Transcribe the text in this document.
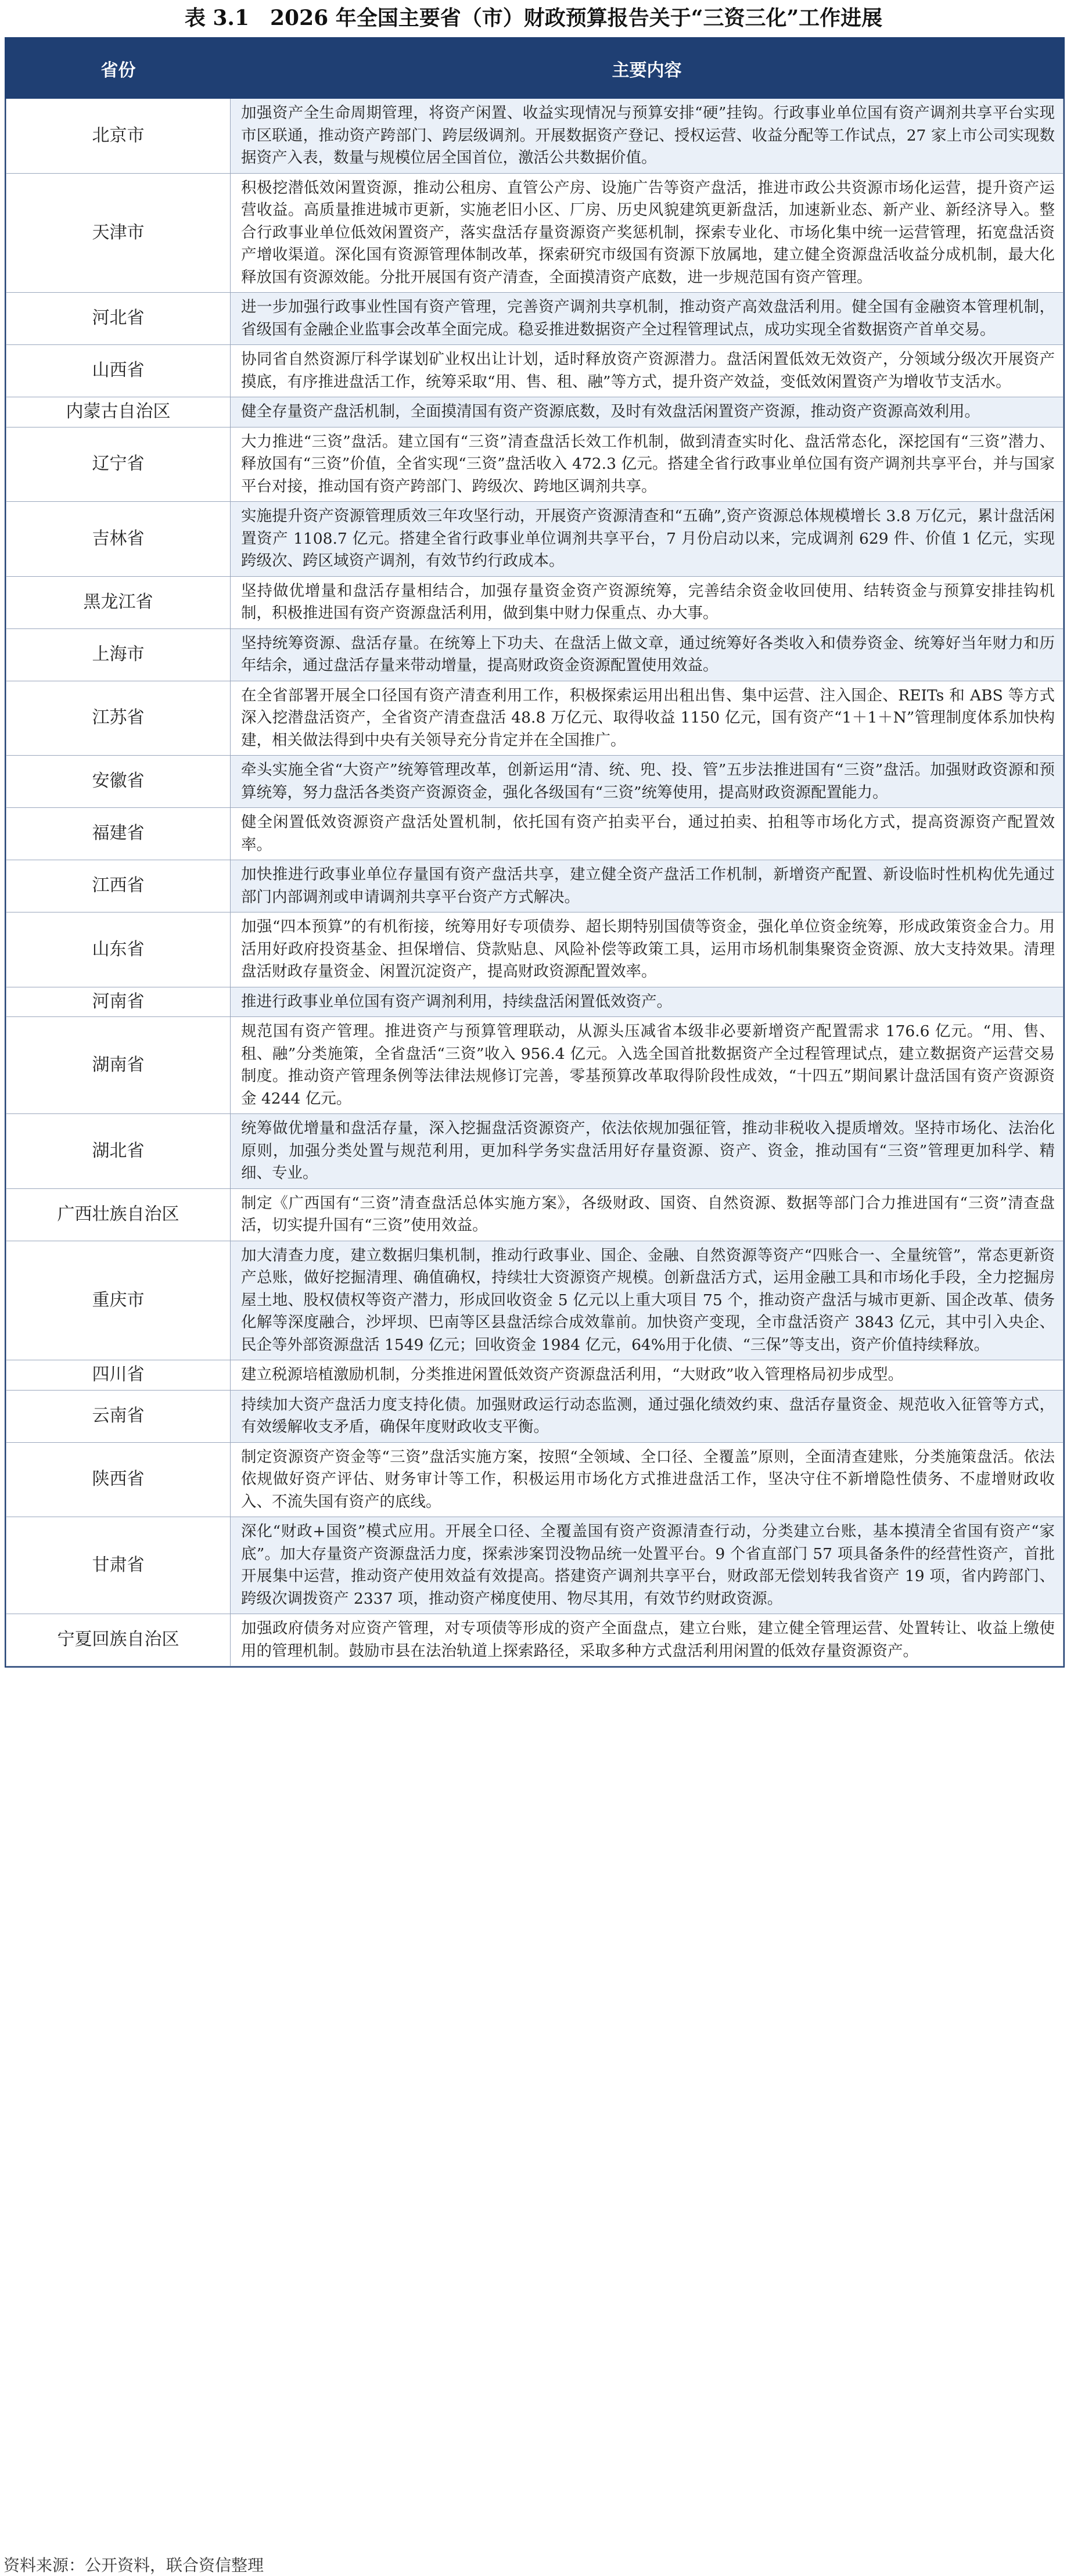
表 3.1　2026 年全国主要省（市）财政预算报告关于“三资三化”工作进展
省份	主要内容
北京市	加强资产全生命周期管理，将资产闲置、收益实现情况与预算安排“硬”挂钩。行政事业单位国有资产调剂共享平台实现市区联通，推动资产跨部门、跨层级调剂。开展数据资产登记、授权运营、收益分配等工作试点，27 家上市公司实现数据资产入表，数量与规模位居全国首位，激活公共数据价值。
天津市	积极挖潜低效闲置资源，推动公租房、直管公产房、设施广告等资产盘活，推进市政公共资源市场化运营，提升资产运营收益。高质量推进城市更新，实施老旧小区、厂房、历史风貌建筑更新盘活，加速新业态、新产业、新经济导入。整合行政事业单位低效闲置资产，落实盘活存量资源资产奖惩机制，探索专业化、市场化集中统一运营管理，拓宽盘活资产增收渠道。深化国有资源管理体制改革，探索研究市级国有资源下放属地，建立健全资源盘活收益分成机制，最大化释放国有资源效能。分批开展国有资产清查，全面摸清资产底数，进一步规范国有资产管理。
河北省	进一步加强行政事业性国有资产管理，完善资产调剂共享机制，推动资产高效盘活利用。健全国有金融资本管理机制，省级国有金融企业监事会改革全面完成。稳妥推进数据资产全过程管理试点，成功实现全省数据资产首单交易。
山西省	协同省自然资源厅科学谋划矿业权出让计划，适时释放资产资源潜力。盘活闲置低效无效资产，分领域分级次开展资产摸底，有序推进盘活工作，统筹采取“用、售、租、融”等方式，提升资产效益，变低效闲置资产为增收节支活水。
内蒙古自治区	健全存量资产盘活机制，全面摸清国有资产资源底数，及时有效盘活闲置资产资源，推动资产资源高效利用。
辽宁省	大力推进“三资”盘活。建立国有“三资”清查盘活长效工作机制，做到清查实时化、盘活常态化，深挖国有“三资”潜力、释放国有“三资”价值，全省实现“三资”盘活收入 472.3 亿元。搭建全省行政事业单位国有资产调剂共享平台，并与国家平台对接，推动国有资产跨部门、跨级次、跨地区调剂共享。
吉林省	实施提升资产资源管理质效三年攻坚行动，开展资产资源清查和“五确”,资产资源总体规模增长 3.8 万亿元，累计盘活闲置资产 1108.7 亿元。搭建全省行政事业单位调剂共享平台，7 月份启动以来，完成调剂 629 件、价值 1 亿元，实现跨级次、跨区域资产调剂，有效节约行政成本。
黑龙江省	坚持做优增量和盘活存量相结合，加强存量资金资产资源统筹，完善结余资金收回使用、结转资金与预算安排挂钩机制，积极推进国有资产资源盘活利用，做到集中财力保重点、办大事。
上海市	坚持统筹资源、盘活存量。在统筹上下功夫、在盘活上做文章，通过统筹好各类收入和债券资金、统筹好当年财力和历年结余，通过盘活存量来带动增量，提高财政资金资源配置使用效益。
江苏省	在全省部署开展全口径国有资产清查利用工作，积极探索运用出租出售、集中运营、注入国企、REITs 和 ABS 等方式深入挖潜盘活资产，全省资产清查盘活 48.8 万亿元、取得收益 1150 亿元，国有资产“1＋1＋N”管理制度体系加快构建，相关做法得到中央有关领导充分肯定并在全国推广。
安徽省	牵头实施全省“大资产”统筹管理改革，创新运用“清、统、兜、投、管”五步法推进国有“三资”盘活。加强财政资源和预算统筹，努力盘活各类资产资源资金，强化各级国有“三资”统筹使用，提高财政资源配置能力。
福建省	健全闲置低效资源资产盘活处置机制，依托国有资产拍卖平台，通过拍卖、拍租等市场化方式，提高资源资产配置效率。
江西省	加快推进行政事业单位存量国有资产盘活共享，建立健全资产盘活工作机制，新增资产配置、新设临时性机构优先通过部门内部调剂或申请调剂共享平台资产方式解决。
山东省	加强“四本预算”的有机衔接，统筹用好专项债券、超长期特别国债等资金，强化单位资金统筹，形成政策资金合力。用活用好政府投资基金、担保增信、贷款贴息、风险补偿等政策工具，运用市场机制集聚资金资源、放大支持效果。清理盘活财政存量资金、闲置沉淀资产，提高财政资源配置效率。
河南省	推进行政事业单位国有资产调剂利用，持续盘活闲置低效资产。
湖南省	规范国有资产管理。推进资产与预算管理联动，从源头压减省本级非必要新增资产配置需求 176.6 亿元。“用、售、租、融”分类施策，全省盘活“三资”收入 956.4 亿元。入选全国首批数据资产全过程管理试点，建立数据资产运营交易制度。推动资产管理条例等法律法规修订完善，零基预算改革取得阶段性成效，“十四五”期间累计盘活国有资产资源资金 4244 亿元。
湖北省	统筹做优增量和盘活存量，深入挖掘盘活资源资产，依法依规加强征管，推动非税收入提质增效。坚持市场化、法治化原则，加强分类处置与规范利用，更加科学务实盘活用好存量资源、资产、资金，推动国有“三资”管理更加科学、精细、专业。
广西壮族自治区	制定《广西国有“三资”清查盘活总体实施方案》，各级财政、国资、自然资源、数据等部门合力推进国有“三资”清查盘活，切实提升国有“三资”使用效益。
重庆市	加大清查力度，建立数据归集机制，推动行政事业、国企、金融、自然资源等资产“四账合一、全量统管”，常态更新资产总账，做好挖掘清理、确值确权，持续壮大资源资产规模。创新盘活方式，运用金融工具和市场化手段，全力挖掘房屋土地、股权债权等资产潜力，形成回收资金 5 亿元以上重大项目 75 个，推动资产盘活与城市更新、国企改革、债务化解等深度融合，沙坪坝、巴南等区县盘活综合成效靠前。加快资产变现，全市盘活资产 3843 亿元，其中引入央企、民企等外部资源盘活 1549 亿元；回收资金 1984 亿元，64%用于化债、“三保”等支出，资产价值持续释放。
四川省	建立税源培植激励机制，分类推进闲置低效资产资源盘活利用，“大财政”收入管理格局初步成型。
云南省	持续加大资产盘活力度支持化债。加强财政运行动态监测，通过强化绩效约束、盘活存量资金、规范收入征管等方式，有效缓解收支矛盾，确保年度财政收支平衡。
陕西省	制定资源资产资金等“三资”盘活实施方案，按照“全领域、全口径、全覆盖”原则，全面清查建账，分类施策盘活。依法依规做好资产评估、财务审计等工作，积极运用市场化方式推进盘活工作，坚决守住不新增隐性债务、不虚增财政收入、不流失国有资产的底线。
甘肃省	深化“财政+国资”模式应用。开展全口径、全覆盖国有资产资源清查行动，分类建立台账，基本摸清全省国有资产“家底”。加大存量资产资源盘活力度，探索涉案罚没物品统一处置平台。9 个省直部门 57 项具备条件的经营性资产，首批开展集中运营，推动资产使用效益有效提高。搭建资产调剂共享平台，财政部无偿划转我省资产 19 项，省内跨部门、跨级次调拨资产 2337 项，推动资产梯度使用、物尽其用，有效节约财政资源。
宁夏回族自治区	加强政府债务对应资产管理，对专项债等形成的资产全面盘点，建立台账，建立健全管理运营、处置转让、收益上缴使用的管理机制。鼓励市县在法治轨道上探索路径，采取多种方式盘活利用闲置的低效存量资源资产。
资料来源：公开资料，联合资信整理
